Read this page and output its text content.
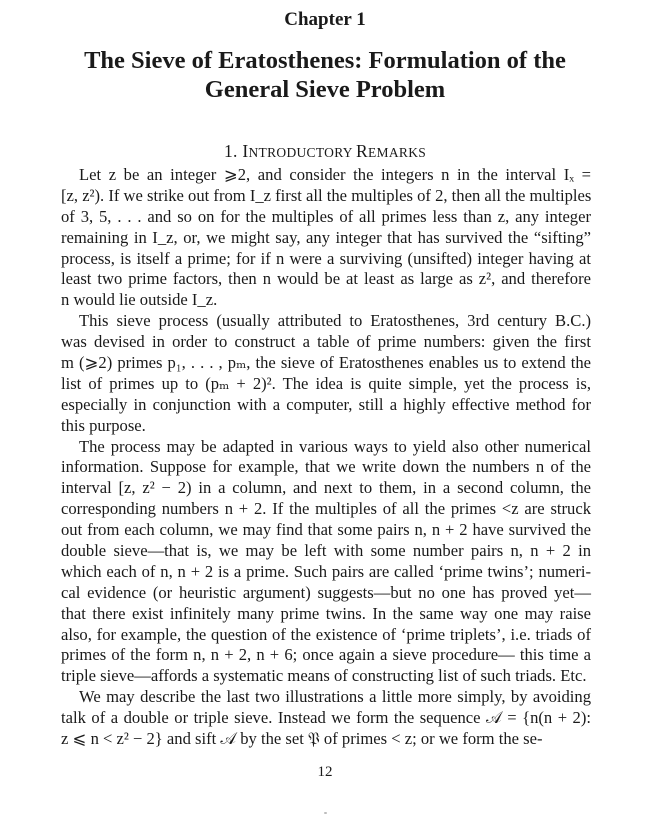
Chapter 1
The Sieve of Eratosthenes: Formulation of the
General Sieve Problem
1. INTRODUCTORY REMARKS
Let z be an integer ⩾2, and consider the integers n in the interval Iₓ =
[z, z²). If we strike out from I_z first all the multiples of 2, then all the multiples
of 3, 5, . . . and so on for the multiples of all primes less than z, any integer
remaining in I_z, or, we might say, any integer that has survived the “sifting”
process, is itself a prime; for if n were a surviving (unsifted) integer having at
least two prime factors, then n would be at least as large as z², and therefore
n would lie outside I_z.
This sieve process (usually attributed to Eratosthenes, 3rd century B.C.)
was devised in order to construct a table of prime numbers: given the first
m (⩾2) primes p₁, . . . , pₘ, the sieve of Eratosthenes enables us to extend the
list of primes up to (pₘ + 2)². The idea is quite simple, yet the process is,
especially in conjunction with a computer, still a highly effective method for
this purpose.
The process may be adapted in various ways to yield also other numerical
information. Suppose for example, that we write down the numbers n of the
interval [z, z² − 2) in a column, and next to them, in a second column, the
corresponding numbers n + 2. If the multiples of all the primes <z are struck
out from each column, we may find that some pairs n, n + 2 have survived the
double sieve—that is, we may be left with some number pairs n, n + 2 in
which each of n, n + 2 is a prime. Such pairs are called ‘prime twins’; numeri-
cal evidence (or heuristic argument) suggests—but no one has proved yet—
that there exist infinitely many prime twins. In the same way one may raise
also, for example, the question of the existence of ‘prime triplets’, i.e. triads of
primes of the form n, n + 2, n + 6; once again a sieve procedure— this time a
triple sieve—affords a systematic means of constructing list of such triads. Etc.
We may describe the last two illustrations a little more simply, by avoiding
talk of a double or triple sieve. Instead we form the sequence 𝒜 = {n(n + 2):
z ⩽ n < z² − 2} and sift 𝒜 by the set 𝔓 of primes < z; or we form the se-
12
